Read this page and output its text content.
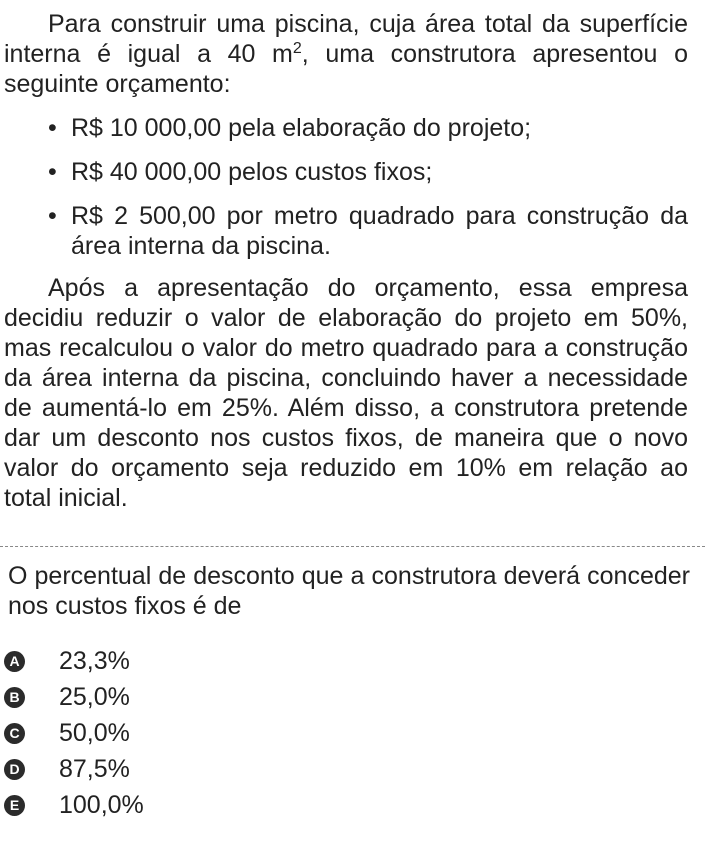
Para construir uma piscina, cuja área total da superfície interna é igual a 40 $m^2$, uma construtora apresentou o seguinte orçamento:

• R$ 10 000,00 pela elaboração do projeto;
• R$ 40 000,00 pelos custos fixos;
• R$ 2 500,00 por metro quadrado para construção da área interna da piscina.

Após a apresentação do orçamento, essa empresa decidiu reduzir o valor de elaboração do projeto em 50%, mas recalculou o valor do metro quadrado para a construção da área interna da piscina, concluindo haver a necessidade de aumentá-lo em 25%. Além disso, a construtora pretende dar um desconto nos custos fixos, de maneira que o novo valor do orçamento seja reduzido em 10% em relação ao total inicial.

O percentual de desconto que a construtora deverá conceder nos custos fixos é de

A 23,3%
B 25,0%
C 50,0%
D 87,5%
E 100,0%
